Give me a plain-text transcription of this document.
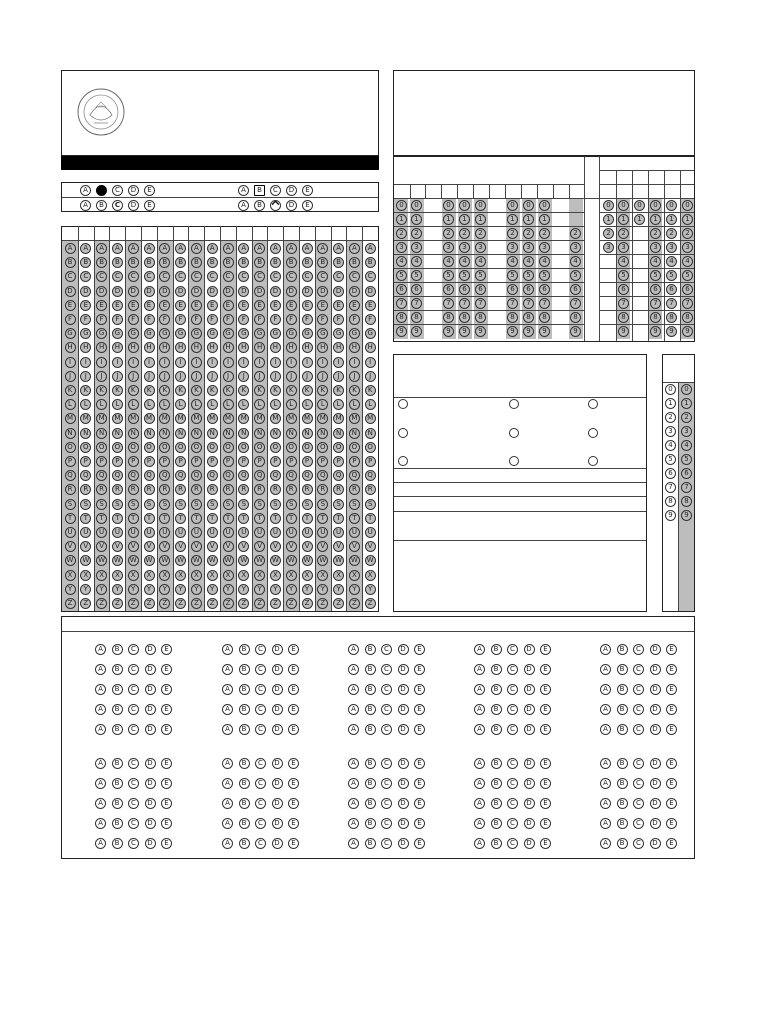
A	B	C	D	E
A	B	C	D	E
A	B	C	D	E
A	B ✕	D	E
A	A	A	A	A	A	A	A	A	A	A	A	A	A	A	A	A	A	A	A
B	B	B	B	B	B	B	B	B	B	B	B	B	B	B	B	B	B	B	B
C	C	C	C	C	C	C	C	C	C	C	C	C	C	C	C	C	C	C	C
D	D	D	D	D	D	D	D	D	D	D	D	D	D	D	D	D	D	D	D
E	E	E	E	E	E	E	E	E	E	E	E	E	E	E	E	E	E	E	E
F	F	F	F	F	F	F	F	F	F	F	F	F	F	F	F	F	F	F	F
G	G	G	G	G	G	G	G	G	G	G	G	G	G	G	G	G	G	G	G
H	H	H	H	H	H	H	H	H	H	H	H	H	H	H	H	H	H	H	H
I	I	I	I	I	I	I	I	I	I	I	I	I	I	I	I	I	I	I	I
J	J	J	J	J	J	J	J	J	J	J	J	J	J	J	J	J	J	J	J
K	K	K	K	K	K	K	K	K	K	K	K	K	K	K	K	K	K	K	K
L	L	L	L	L	L	L	L	L	L	L	L	L	L	L	L	L	L	L	L
M	M	M	M	M	M	M	M	M	M	M	M	M	M	M	M	M	M	M	M
N	N	N	N	N	N	N	N	N	N	N	N	N	N	N	N	N	N	N	N
O	O	O	O	O	O	O	O	O	O	O	O	O	O	O	O	O	O	O	O
P	P	P	P	P	P	P	P	P	P	P	P	P	P	P	P	P	P	P	P
Q	Q	Q	Q	Q	Q	Q	Q	Q	Q	Q	Q	Q	Q	Q	Q	Q	Q	Q	Q
R	R	R	R	R	R	R	R	R	R	R	R	R	R	R	R	R	R	R	R
S	S	S	S	S	S	S	S	S	S	S	S	S	S	S	S	S	S	S	S
T	T	T	T	T	T	T	T	T	T	T	T	T	T	T	T	T	T	T	T
U	U	U	U	U	U	U	U	U	U	U	U	U	U	U	U	U	U	U	U
V	V	V	V	V	V	V	V	V	V	V	V	V	V	V	V	V	V	V	V
W W W W W W W W W W W W W W W W W W W W
X	X	X	X	X	X	X	X	X	X	X	X	X	X	X	X	X	X	X	X
Y	Y	Y	Y	Y	Y	Y	Y	Y	Y	Y	Y	Y	Y	Y	Y	Y	Y	Y	Y
Z	Z	Z	Z	Z	Z	Z	Z	Z	Z	Z	Z	Z	Z	Z	Z	Z	Z	Z	Z
0	0	0	0	0	0	0	0	0	0	0	0	0	0
1	1	1	1	1	1	1	1	1	1	1	1	1	1
2	2	2	2	2	2	2	2	2	2	2	2	2	2
3	3	3	3	3	3	3	3	3	3	3	3	3	3
4	4	4	4	4	4	4	4	4	4	4	4	4
5	5	5	5	5	5	5	5	5	5	5	5	5
6	6	6	6	6	6	6	6	6	6	6	6	6
7	7	7	7	7	7	7	7	7	7	7	7	7
8	8	8	8	8	8	8	8	8	8	8	8	8
9	9	9	9	9	9	9	9	9	9	9	9	9
0	0
1	1
2	2
3	3
4	4
5	5
6	6
7	7
8	8
9	9
A	B	C	D	E	A	B	C	D	E	A	B	C	D	E	A	B	C	D	E	A	B	C	D	E
A	B	C	D	E	A	B	C	D	E	A	B	C	D	E	A	B	C	D	E	A	B	C	D	E
A	B	C	D	E	A	B	C	D	E	A	B	C	D	E	A	B	C	D	E	A	B	C	D	E
A	B	C	D	E	A	B	C	D	E	A	B	C	D	E	A	B	C	D	E	A	B	C	D	E
A	B	C	D	E	A	B	C	D	E	A	B	C	D	E	A	B	C	D	E	A	B	C	D	E
A	B	C	D	E	A	B	C	D	E	A	B	C	D	E	A	B	C	D	E	A	B	C	D	E
A	B	C	D	E	A	B	C	D	E	A	B	C	D	E	A	B	C	D	E	A	B	C	D	E
A	B	C	D	E	A	B	C	D	E	A	B	C	D	E	A	B	C	D	E	A	B	C	D	E
A	B	C	D	E	A	B	C	D	E	A	B	C	D	E	A	B	C	D	E	A	B	C	D	E
A	B	C	D	E	A	B	C	D	E	A	B	C	D	E	A	B	C	D	E	A	B	C	D	E
